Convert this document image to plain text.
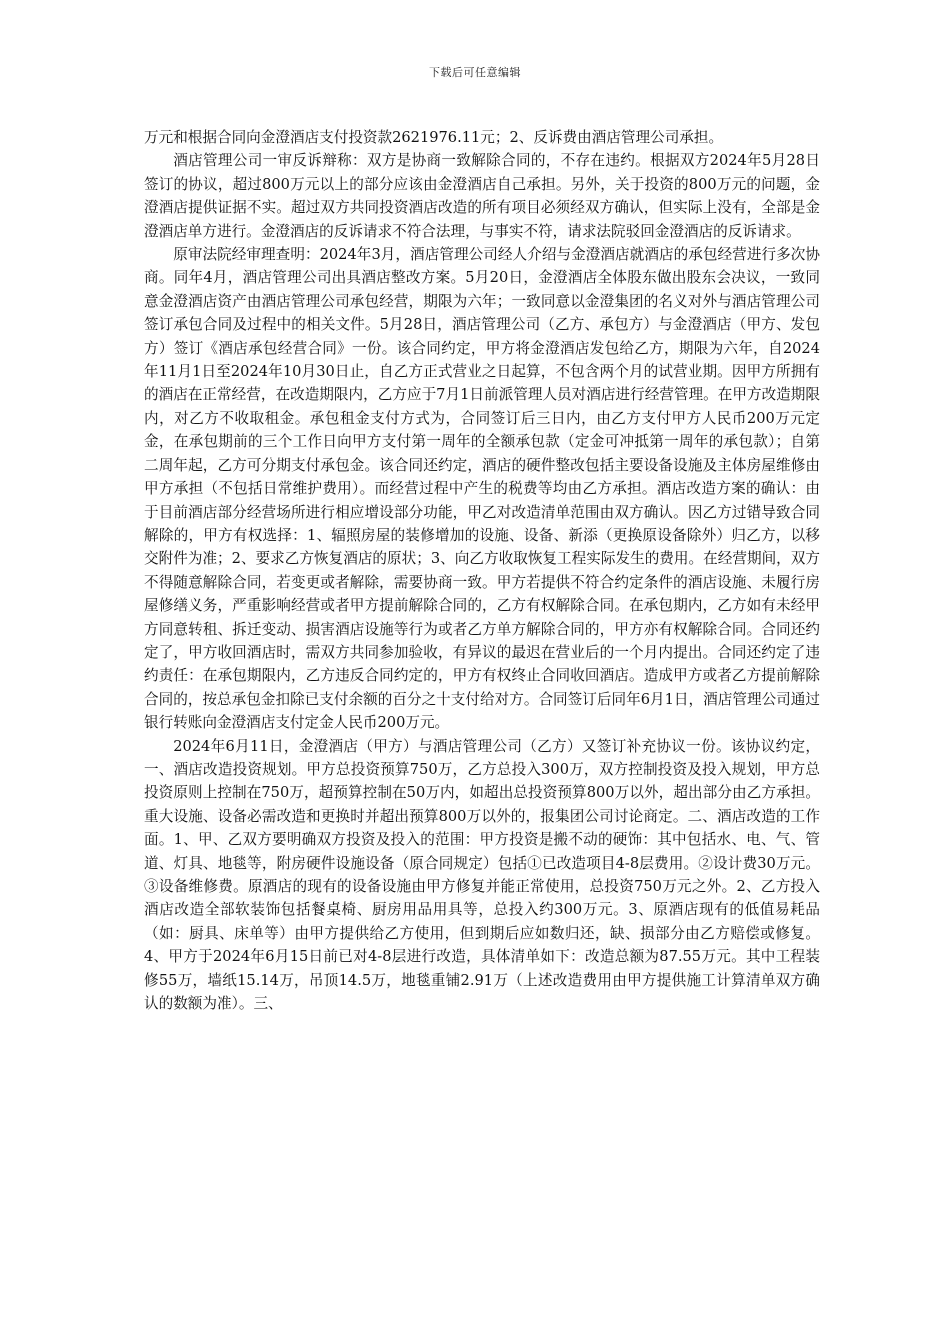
下载后可任意编辑

万元和根据合同向金澄酒店支付投资款2621976.11元；2、反诉费由酒店管理公司承担。

酒店管理公司一审反诉辩称：双方是协商一致解除合同的，不存在违约。根据双方2024年5月28日签订的协议，超过800万元以上的部分应该由金澄酒店自己承担。另外，关于投资的800万元的问题，金澄酒店提供证据不实。超过双方共同投资酒店改造的所有项目必须经双方确认，但实际上没有，全部是金澄酒店单方进行。金澄酒店的反诉请求不符合法理，与事实不符，请求法院驳回金澄酒店的反诉请求。

原审法院经审理查明：2024年3月，酒店管理公司经人介绍与金澄酒店就酒店的承包经营进行多次协商。同年4月，酒店管理公司出具酒店整改方案。5月20日，金澄酒店全体股东做出股东会决议，一致同意金澄酒店资产由酒店管理公司承包经营，期限为六年；一致同意以金澄集团的名义对外与酒店管理公司签订承包合同及过程中的相关文件。5月28日，酒店管理公司（乙方、承包方）与金澄酒店（甲方、发包方）签订《酒店承包经营合同》一份。该合同约定，甲方将金澄酒店发包给乙方，期限为六年，自2024年11月1日至2024年10月30日止，自乙方正式营业之日起算，不包含两个月的试营业期。因甲方所拥有的酒店在正常经营，在改造期限内，乙方应于7月1日前派管理人员对酒店进行经营管理。在甲方改造期限内，对乙方不收取租金。承包租金支付方式为，合同签订后三日内，由乙方支付甲方人民币200万元定金，在承包期前的三个工作日向甲方支付第一周年的全额承包款（定金可冲抵第一周年的承包款）；自第二周年起，乙方可分期支付承包金。该合同还约定，酒店的硬件整改包括主要设备设施及主体房屋维修由甲方承担（不包括日常维护费用）。而经营过程中产生的税费等均由乙方承担。酒店改造方案的确认：由于目前酒店部分经营场所进行相应增设部分功能，甲乙对改造清单范围由双方确认。因乙方过错导致合同解除的，甲方有权选择：1、辐照房屋的装修增加的设施、设备、新添（更换原设备除外）归乙方，以移交附件为准；2、要求乙方恢复酒店的原状；3、向乙方收取恢复工程实际发生的费用。在经营期间，双方不得随意解除合同，若变更或者解除，需要协商一致。甲方若提供不符合约定条件的酒店设施、未履行房屋修缮义务，严重影响经营或者甲方提前解除合同的，乙方有权解除合同。在承包期内，乙方如有未经甲方同意转租、拆迁变动、损害酒店设施等行为或者乙方单方解除合同的，甲方亦有权解除合同。合同还约定了，甲方收回酒店时，需双方共同参加验收，有异议的最迟在营业后的一个月内提出。合同还约定了违约责任：在承包期限内，乙方违反合同约定的，甲方有权终止合同收回酒店。造成甲方或者乙方提前解除合同的，按总承包金扣除已支付余额的百分之十支付给对方。合同签订后同年6月1日，酒店管理公司通过银行转账向金澄酒店支付定金人民币200万元。

2024年6月11日，金澄酒店（甲方）与酒店管理公司（乙方）又签订补充协议一份。该协议约定，一、酒店改造投资规划。甲方总投资预算750万，乙方总投入300万，双方控制投资及投入规划，甲方总投资原则上控制在750万，超预算控制在50万内，如超出总投资预算800万以外，超出部分由乙方承担。重大设施、设备必需改造和更换时并超出预算800万以外的，报集团公司讨论商定。二、酒店改造的工作面。1、甲、乙双方要明确双方投资及投入的范围：甲方投资是搬不动的硬饰：其中包括水、电、气、管道、灯具、地毯等，附房硬件设施设备（原合同规定）包括①已改造项目4-8层费用。②设计费30万元。③设备维修费。原酒店的现有的设备设施由甲方修复并能正常使用，总投资750万元之外。2、乙方投入酒店改造全部软装饰包括餐桌椅、厨房用品用具等，总投入约300万元。3、原酒店现有的低值易耗品（如：厨具、床单等）由甲方提供给乙方使用，但到期后应如数归还，缺、损部分由乙方赔偿或修复。4、甲方于2024年6月15日前已对4-8层进行改造，具体清单如下：改造总额为87.55万元。其中工程装修55万，墙纸15.14万，吊顶14.5万，地毯重铺2.91万（上述改造费用由甲方提供施工计算清单双方确认的数额为准）。三、
